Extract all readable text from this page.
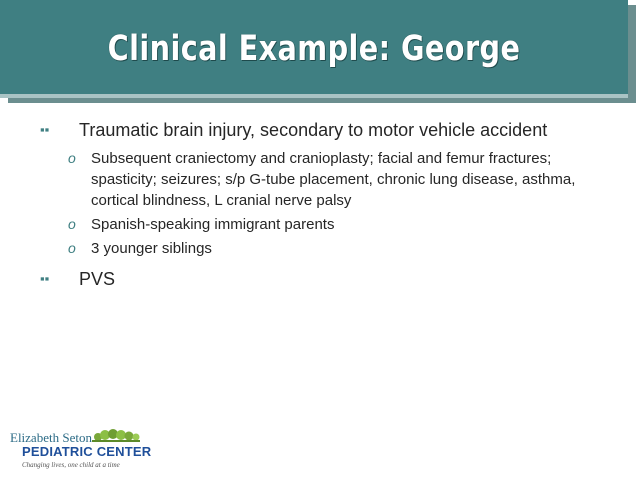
Clinical Example: George
▪▪	Traumatic brain injury, secondary to motor vehicle accident
o	Subsequent craniectomy and cranioplasty; facial and femur fractures; spasticity; seizures; s/p G-tube placement, chronic lung disease, asthma, cortical blindness, L cranial nerve palsy
o	Spanish-speaking immigrant parents
o	3 younger siblings
▪▪	PVS
Elizabeth Seton
PEDIATRIC CENTER
Changing lives, one child at a time
